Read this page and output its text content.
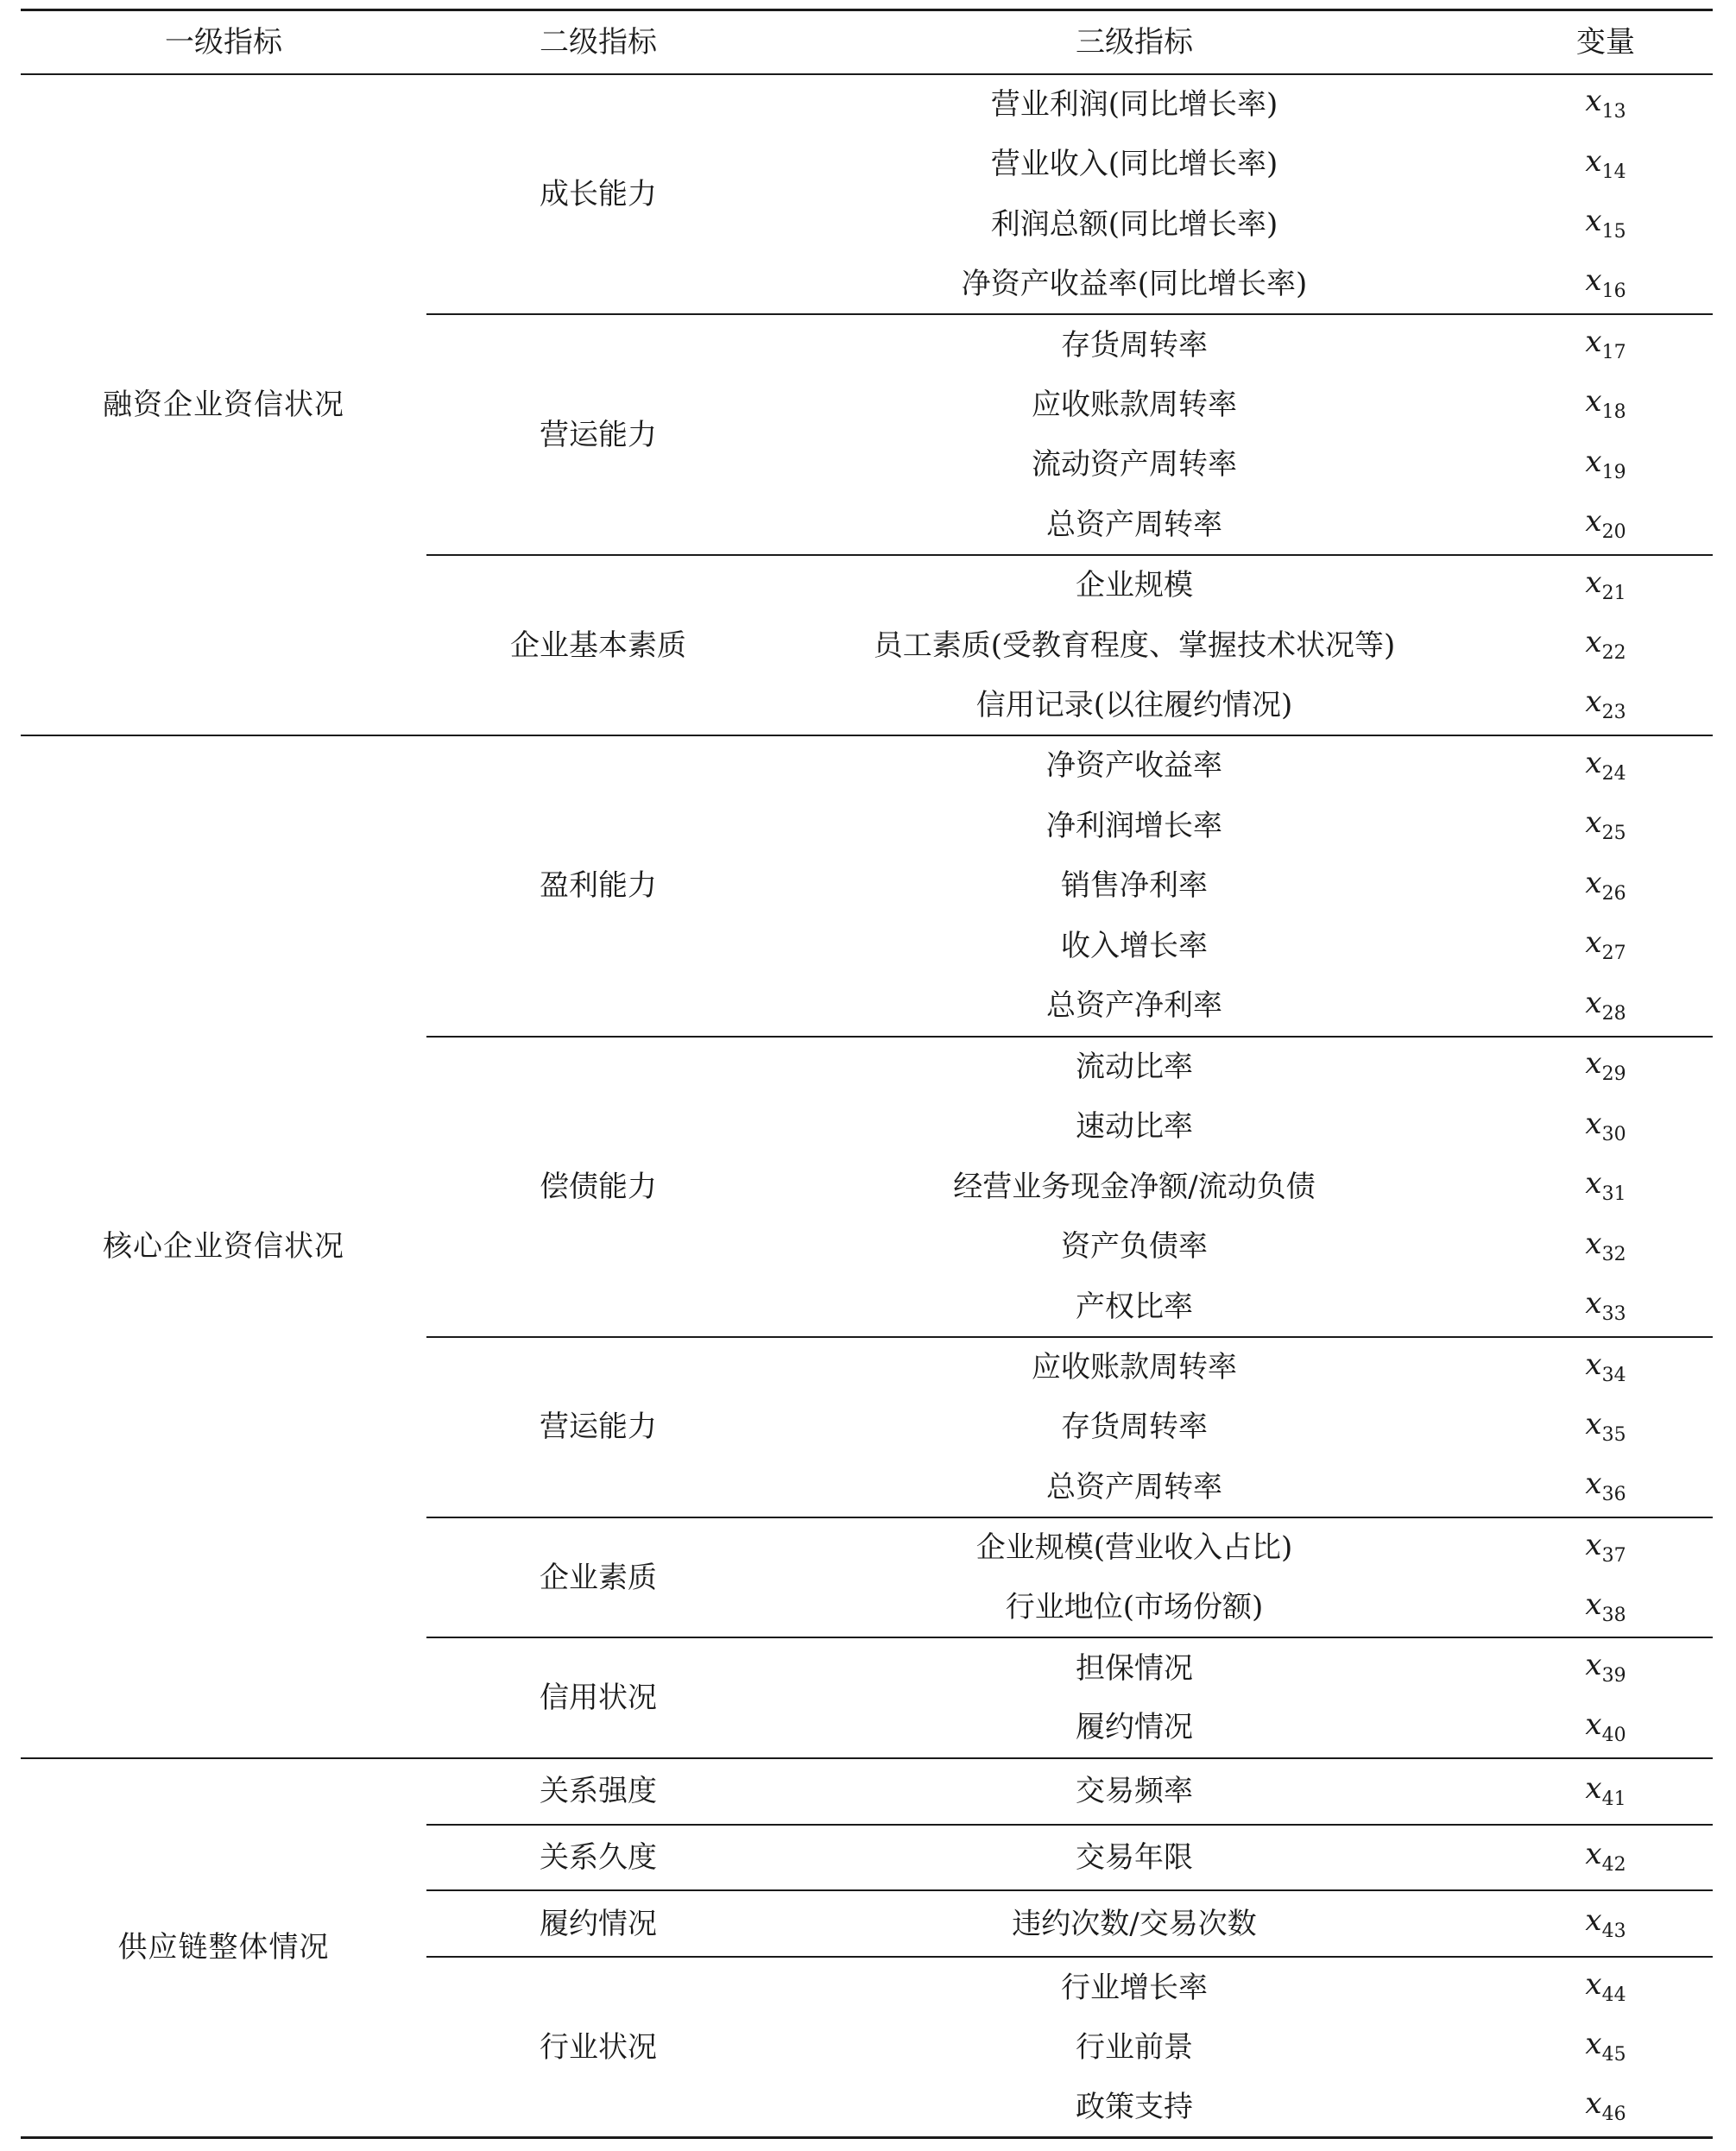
一级指标	二级指标	三级指标	变量
融资企业资信状况	成长能力	营业利润(同比增长率)	$x_{13}$
		营业收入(同比增长率)	$x_{14}$
		利润总额(同比增长率)	$x_{15}$
		净资产收益率(同比增长率)	$x_{16}$
	营运能力	存货周转率	$x_{17}$
		应收账款周转率	$x_{18}$
		流动资产周转率	$x_{19}$
		总资产周转率	$x_{20}$
	企业基本素质	企业规模	$x_{21}$
		员工素质(受教育程度、掌握技术状况等)	$x_{22}$
		信用记录(以往履约情况)	$x_{23}$
核心企业资信状况	盈利能力	净资产收益率	$x_{24}$
		净利润增长率	$x_{25}$
		销售净利率	$x_{26}$
		收入增长率	$x_{27}$
		总资产净利率	$x_{28}$
	偿债能力	流动比率	$x_{29}$
		速动比率	$x_{30}$
		经营业务现金净额/流动负债	$x_{31}$
		资产负债率	$x_{32}$
		产权比率	$x_{33}$
	营运能力	应收账款周转率	$x_{34}$
		存货周转率	$x_{35}$
		总资产周转率	$x_{36}$
	企业素质	企业规模(营业收入占比)	$x_{37}$
		行业地位(市场份额)	$x_{38}$
	信用状况	担保情况	$x_{39}$
		履约情况	$x_{40}$
供应链整体情况	关系强度	交易频率	$x_{41}$
	关系久度	交易年限	$x_{42}$
	履约情况	违约次数/交易次数	$x_{43}$
	行业状况	行业增长率	$x_{44}$
		行业前景	$x_{45}$
		政策支持	$x_{46}$
